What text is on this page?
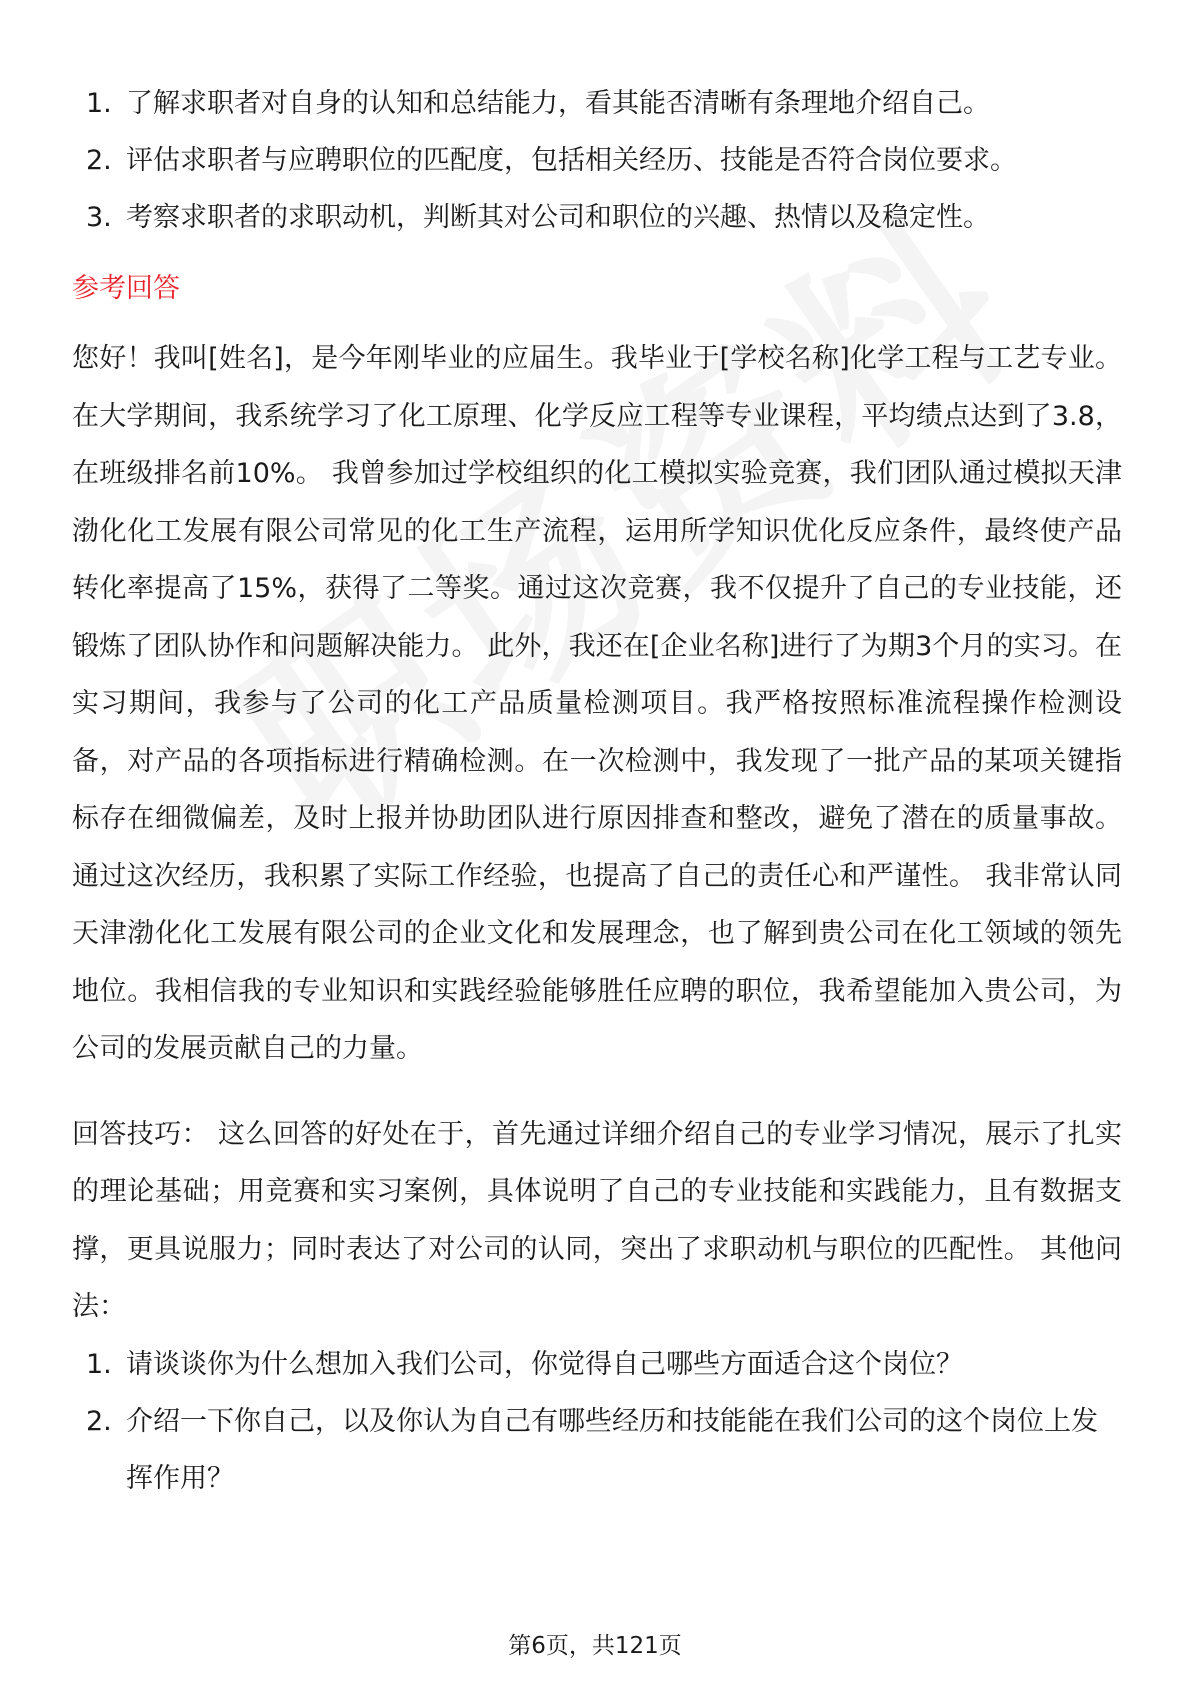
1. 了解求职者对自身的认知和总结能力，看其能否清晰有条理地介绍自己。
2. 评估求职者与应聘职位的匹配度，包括相关经历、技能是否符合岗位要求。
3. 考察求职者的求职动机，判断其对公司和职位的兴趣、热情以及稳定性。
参考回答

您好！我叫[姓名]，是今年刚毕业的应届生。我毕业于[学校名称]化学工程与工艺专业。在大学期间，我系统学习了化工原理、化学反应工程等专业课程，平均绩点达到了3.8，在班级排名前10%。 我曾参加过学校组织的化工模拟实验竞赛，我们团队通过模拟天津渤化化工发展有限公司常见的化工生产流程，运用所学知识优化反应条件，最终使产品转化率提高了15%，获得了二等奖。通过这次竞赛，我不仅提升了自己的专业技能，还锻炼了团队协作和问题解决能力。 此外，我还在[企业名称]进行了为期3个月的实习。在实习期间，我参与了公司的化工产品质量检测项目。我严格按照标准流程操作检测设备，对产品的各项指标进行精确检测。在一次检测中，我发现了一批产品的某项关键指标存在细微偏差，及时上报并协助团队进行原因排查和整改，避免了潜在的质量事故。通过这次经历，我积累了实际工作经验，也提高了自己的责任心和严谨性。 我非常认同天津渤化化工发展有限公司的企业文化和发展理念，也了解到贵公司在化工领域的领先地位。我相信我的专业知识和实践经验能够胜任应聘的职位，我希望能加入贵公司，为公司的发展贡献自己的力量。

回答技巧： 这么回答的好处在于，首先通过详细介绍自己的专业学习情况，展示了扎实的理论基础；用竞赛和实习案例，具体说明了自己的专业技能和实践能力，且有数据支撑，更具说服力；同时表达了对公司的认同，突出了求职动机与职位的匹配性。 其他问法：

1. 请谈谈你为什么想加入我们公司，你觉得自己哪些方面适合这个岗位？
2. 介绍一下你自己，以及你认为自己有哪些经历和技能能在我们公司的这个岗位上发挥作用？
第6页，共121页
